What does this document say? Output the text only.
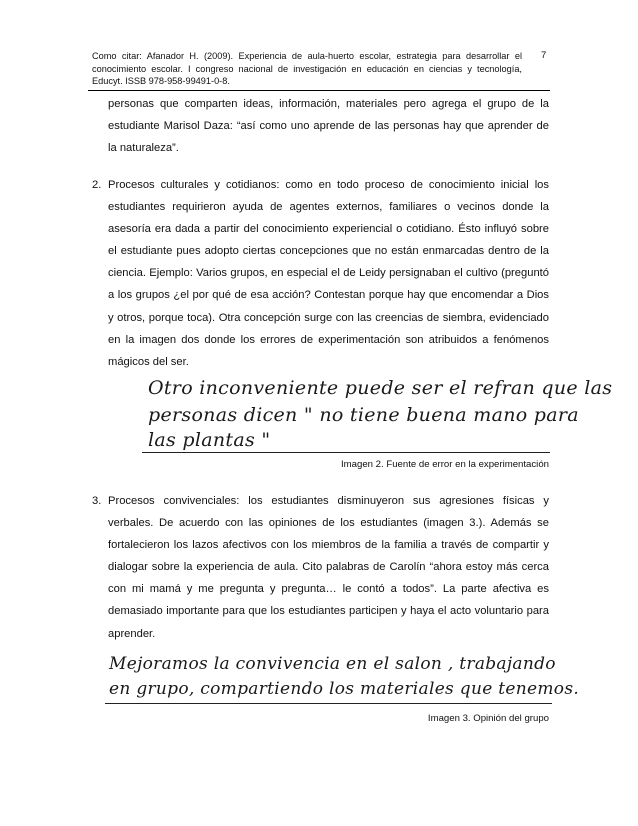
Como citar: Afanador H. (2009). Experiencia de aula-huerto escolar, estrategia para desarrollar el conocimiento escolar. I congreso nacional de investigación en educación en ciencias y tecnología, Educyt. ISSB 978-958-99491-0-8.
7
personas que comparten ideas, información, materiales pero agrega el grupo de la estudiante Marisol Daza: “así como uno aprende de las personas hay que aprender de la naturaleza”.
2. Procesos culturales y cotidianos: como en todo proceso de conocimiento inicial los estudiantes requirieron ayuda de agentes externos, familiares o vecinos donde la asesoría era dada a partir del conocimiento experiencial o cotidiano. Ésto influyó sobre el estudiante pues adopto ciertas concepciones que no están enmarcadas dentro de la ciencia. Ejemplo: Varios grupos, en especial el de Leidy persignaban el cultivo (preguntó a los grupos ¿el por qué de esa acción? Contestan porque hay que encomendar a Dios y otros, porque toca). Otra concepción surge con las creencias de siembra, evidenciado en la imagen dos donde los errores de experimentación son atribuidos a fenómenos mágicos del ser.
Otro inconveniente puede ser el refran que las
personas dicen " no tiene buena mano para
las plantas "
Imagen 2. Fuente de error en la experimentación
3. Procesos convivenciales: los estudiantes disminuyeron sus agresiones físicas y verbales. De acuerdo con las opiniones de los estudiantes (imagen 3.). Además se fortalecieron los lazos afectivos con los miembros de la familia a través de compartir y dialogar sobre la experiencia de aula. Cito palabras de Carolín “ahora estoy más cerca con mi mamá y me pregunta y pregunta… le contó a todos”. La parte afectiva es demasiado importante para que los estudiantes participen y haya el acto voluntario para aprender.
Mejoramos la convivencia en el salon , trabajando
en grupo, compartiendo los materiales que tenemos.
Imagen 3. Opinión del grupo
